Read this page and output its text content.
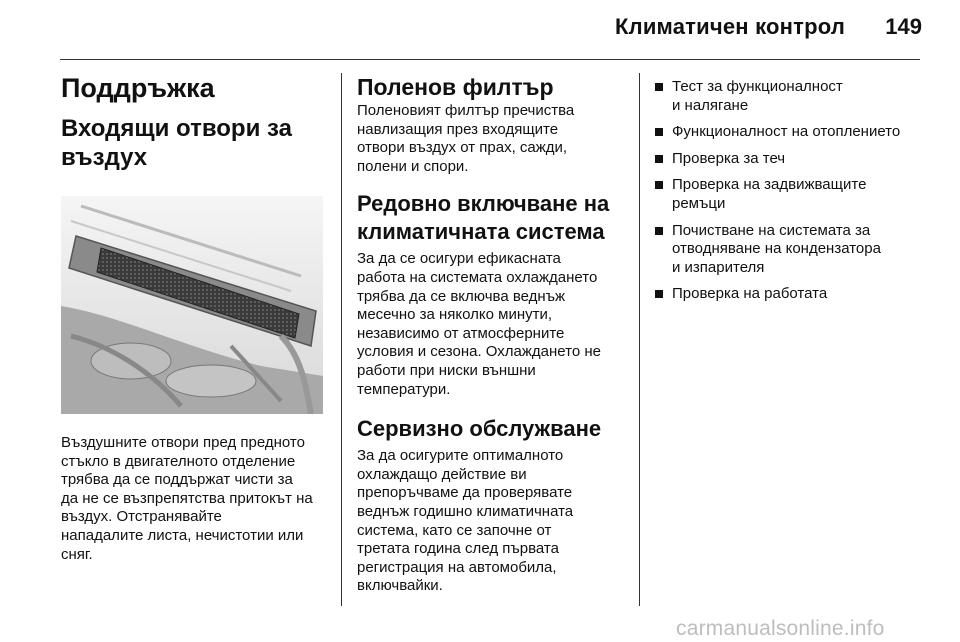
Климатичен контрол	149
Поддръжка
Входящи отвори за
въздух

Въздушните отвори пред предното
стъкло в двигателното отделение
трябва да се поддържат чисти за
да не се възпрепятства притокът на
въздух. Отстранявайте
нападалите листа, нечистотии или
сняг.

Поленов филтър

Поленовият филтър пречиства
навлизащия през входящите
отвори въздух от прах, сажди,
полени и спори.

Редовно включване на
климатичната система

За да се осигури ефикасната
работа на системата охлаждането
трябва да се включва веднъж
месечно за няколко минути,
независимо от атмосферните
условия и сезона. Охлаждането не
работи при ниски външни
температури.

Сервизно обслужване

За да осигурите оптималното
охлаждащо действие ви
препоръчваме да проверявате
веднъж годишно климатичната
система, като се започне от
третата година след първата
регистрация на автомобила,
включвайки.

Тест за функционалност
и налягане
Функционалност на отоплението
Проверка за теч
Проверка на задвижващите
ремъци
Почистване на системата за
отводняване на кондензатора
и изпарителя
Проверка на работата
carmanualsonline.info
